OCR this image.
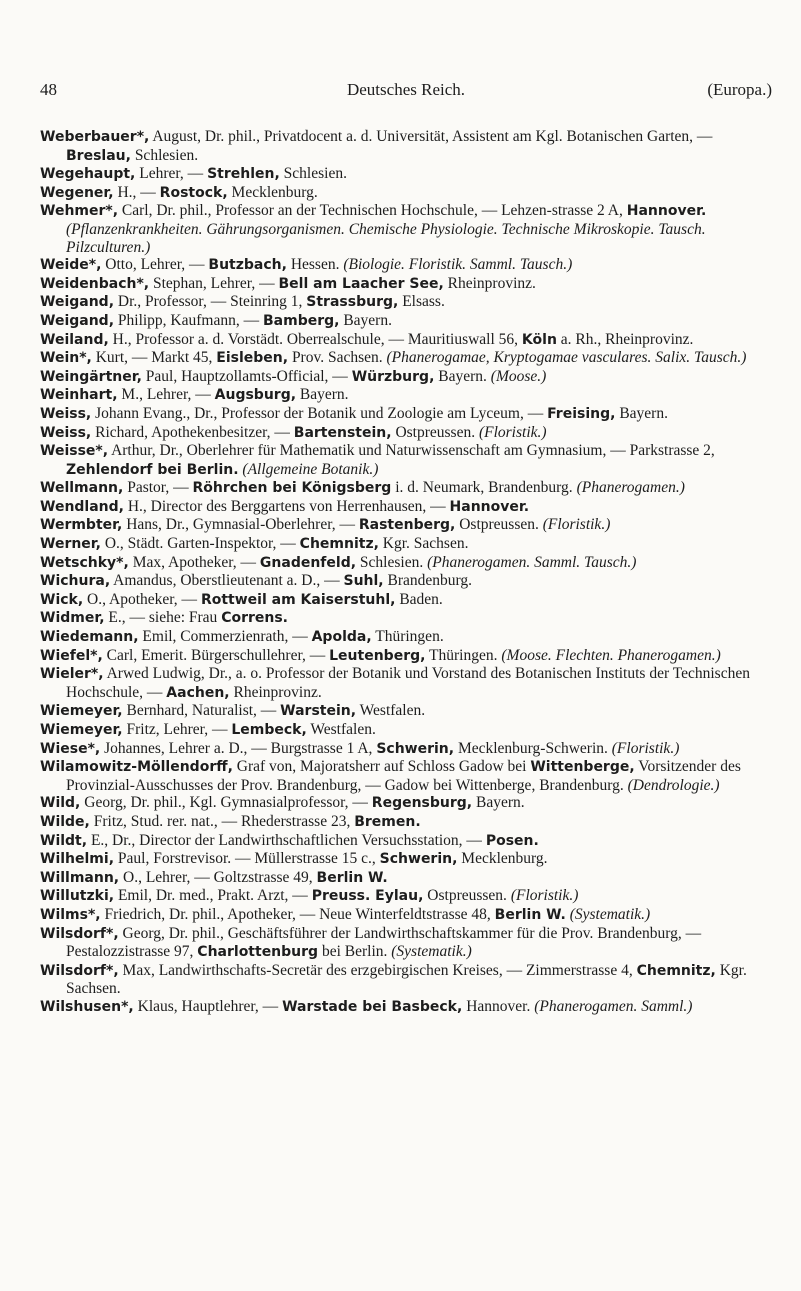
Deutsches Reich.
48	(Europa.)

Weberbauer*, August, Dr. phil., Privatdocent a. d. Universität, Assistent am Kgl. Botanischen Garten, — Breslau, Schlesien.

Wegehaupt, Lehrer, — Strehlen, Schlesien.

Wegener, H., — Rostock, Mecklenburg.

Wehmer*, Carl, Dr. phil., Professor an der Technischen Hochschule, — Lehzen-strasse 2 A, Hannover. (Pflanzenkrankheiten. Gährungsorganismen. Chemische Physiologie. Technische Mikroskopie. Tausch. Pilzculturen.)

Weide*, Otto, Lehrer, — Butzbach, Hessen. (Biologie. Floristik. Samml. Tausch.)

Weidenbach*, Stephan, Lehrer, — Bell am Laacher See, Rheinprovinz.

Weigand, Dr., Professor, — Steinring 1, Strassburg, Elsass.

Weigand, Philipp, Kaufmann, — Bamberg, Bayern.

Weiland, H., Professor a. d. Vorstädt. Oberrealschule, — Mauritiuswall 56, Köln a. Rh., Rheinprovinz.

Wein*, Kurt, — Markt 45, Eisleben, Prov. Sachsen. (Phanerogamae, Kryptogamae vasculares. Salix. Tausch.)

Weingärtner, Paul, Hauptzollamts-Official, — Würzburg, Bayern. (Moose.)

Weinhart, M., Lehrer, — Augsburg, Bayern.

Weiss, Johann Evang., Dr., Professor der Botanik und Zoologie am Lyceum, — Freising, Bayern.

Weiss, Richard, Apothekenbesitzer, — Bartenstein, Ostpreussen. (Floristik.)

Weisse*, Arthur, Dr., Oberlehrer für Mathematik und Naturwissenschaft am Gymnasium, — Parkstrasse 2, Zehlendorf bei Berlin. (Allgemeine Botanik.)

Wellmann, Pastor, — Röhrchen bei Königsberg i. d. Neumark, Brandenburg. (Phanerogamen.)

Wendland, H., Director des Berggartens von Herrenhausen, — Hannover.

Wermbter, Hans, Dr., Gymnasial-Oberlehrer, — Rastenberg, Ostpreussen. (Floristik.)

Werner, O., Städt. Garten-Inspektor, — Chemnitz, Kgr. Sachsen.

Wetschky*, Max, Apotheker, — Gnadenfeld, Schlesien. (Phanerogamen. Samml. Tausch.)

Wichura, Amandus, Oberstlieutenant a. D., — Suhl, Brandenburg.

Wick, O., Apotheker, — Rottweil am Kaiserstuhl, Baden.

Widmer, E., — siehe: Frau Correns.

Wiedemann, Emil, Commerzienrath, — Apolda, Thüringen.

Wiefel*, Carl, Emerit. Bürgerschullehrer, — Leutenberg, Thüringen. (Moose. Flechten. Phanerogamen.)

Wieler*, Arwed Ludwig, Dr., a. o. Professor der Botanik und Vorstand des Botanischen Instituts der Technischen Hochschule, — Aachen, Rheinprovinz.

Wiemeyer, Bernhard, Naturalist, — Warstein, Westfalen.

Wiemeyer, Fritz, Lehrer, — Lembeck, Westfalen.

Wiese*, Johannes, Lehrer a. D., — Burgstrasse 1 A, Schwerin, Mecklenburg-Schwerin. (Floristik.)

Wilamowitz-Möllendorff, Graf von, Majoratsherr auf Schloss Gadow bei Wittenberge, Vorsitzender des Provinzial-Ausschusses der Prov. Brandenburg, — Gadow bei Wittenberge, Brandenburg. (Dendrologie.)

Wild, Georg, Dr. phil., Kgl. Gymnasialprofessor, — Regensburg, Bayern.

Wilde, Fritz, Stud. rer. nat., — Rhederstrasse 23, Bremen.

Wildt, E., Dr., Director der Landwirthschaftlichen Versuchsstation, — Posen.

Wilhelmi, Paul, Forstrevisor. — Müllerstrasse 15 c., Schwerin, Mecklenburg.

Willmann, O., Lehrer, — Goltzstrasse 49, Berlin W.

Willutzki, Emil, Dr. med., Prakt. Arzt, — Preuss. Eylau, Ostpreussen. (Floristik.)

Wilms*, Friedrich, Dr. phil., Apotheker, — Neue Winterfeldtstrasse 48, Berlin W. (Systematik.)

Wilsdorf*, Georg, Dr. phil., Geschäftsführer der Landwirthschaftskammer für die Prov. Brandenburg, — Pestalozzistrasse 97, Charlottenburg bei Berlin. (Systematik.)

Wilsdorf*, Max, Landwirthschafts-Secretär des erzgebirgischen Kreises, — Zimmerstrasse 4, Chemnitz, Kgr. Sachsen.

Wilshusen*, Klaus, Hauptlehrer, — Warstade bei Basbeck, Hannover. (Phanerogamen. Samml.)
